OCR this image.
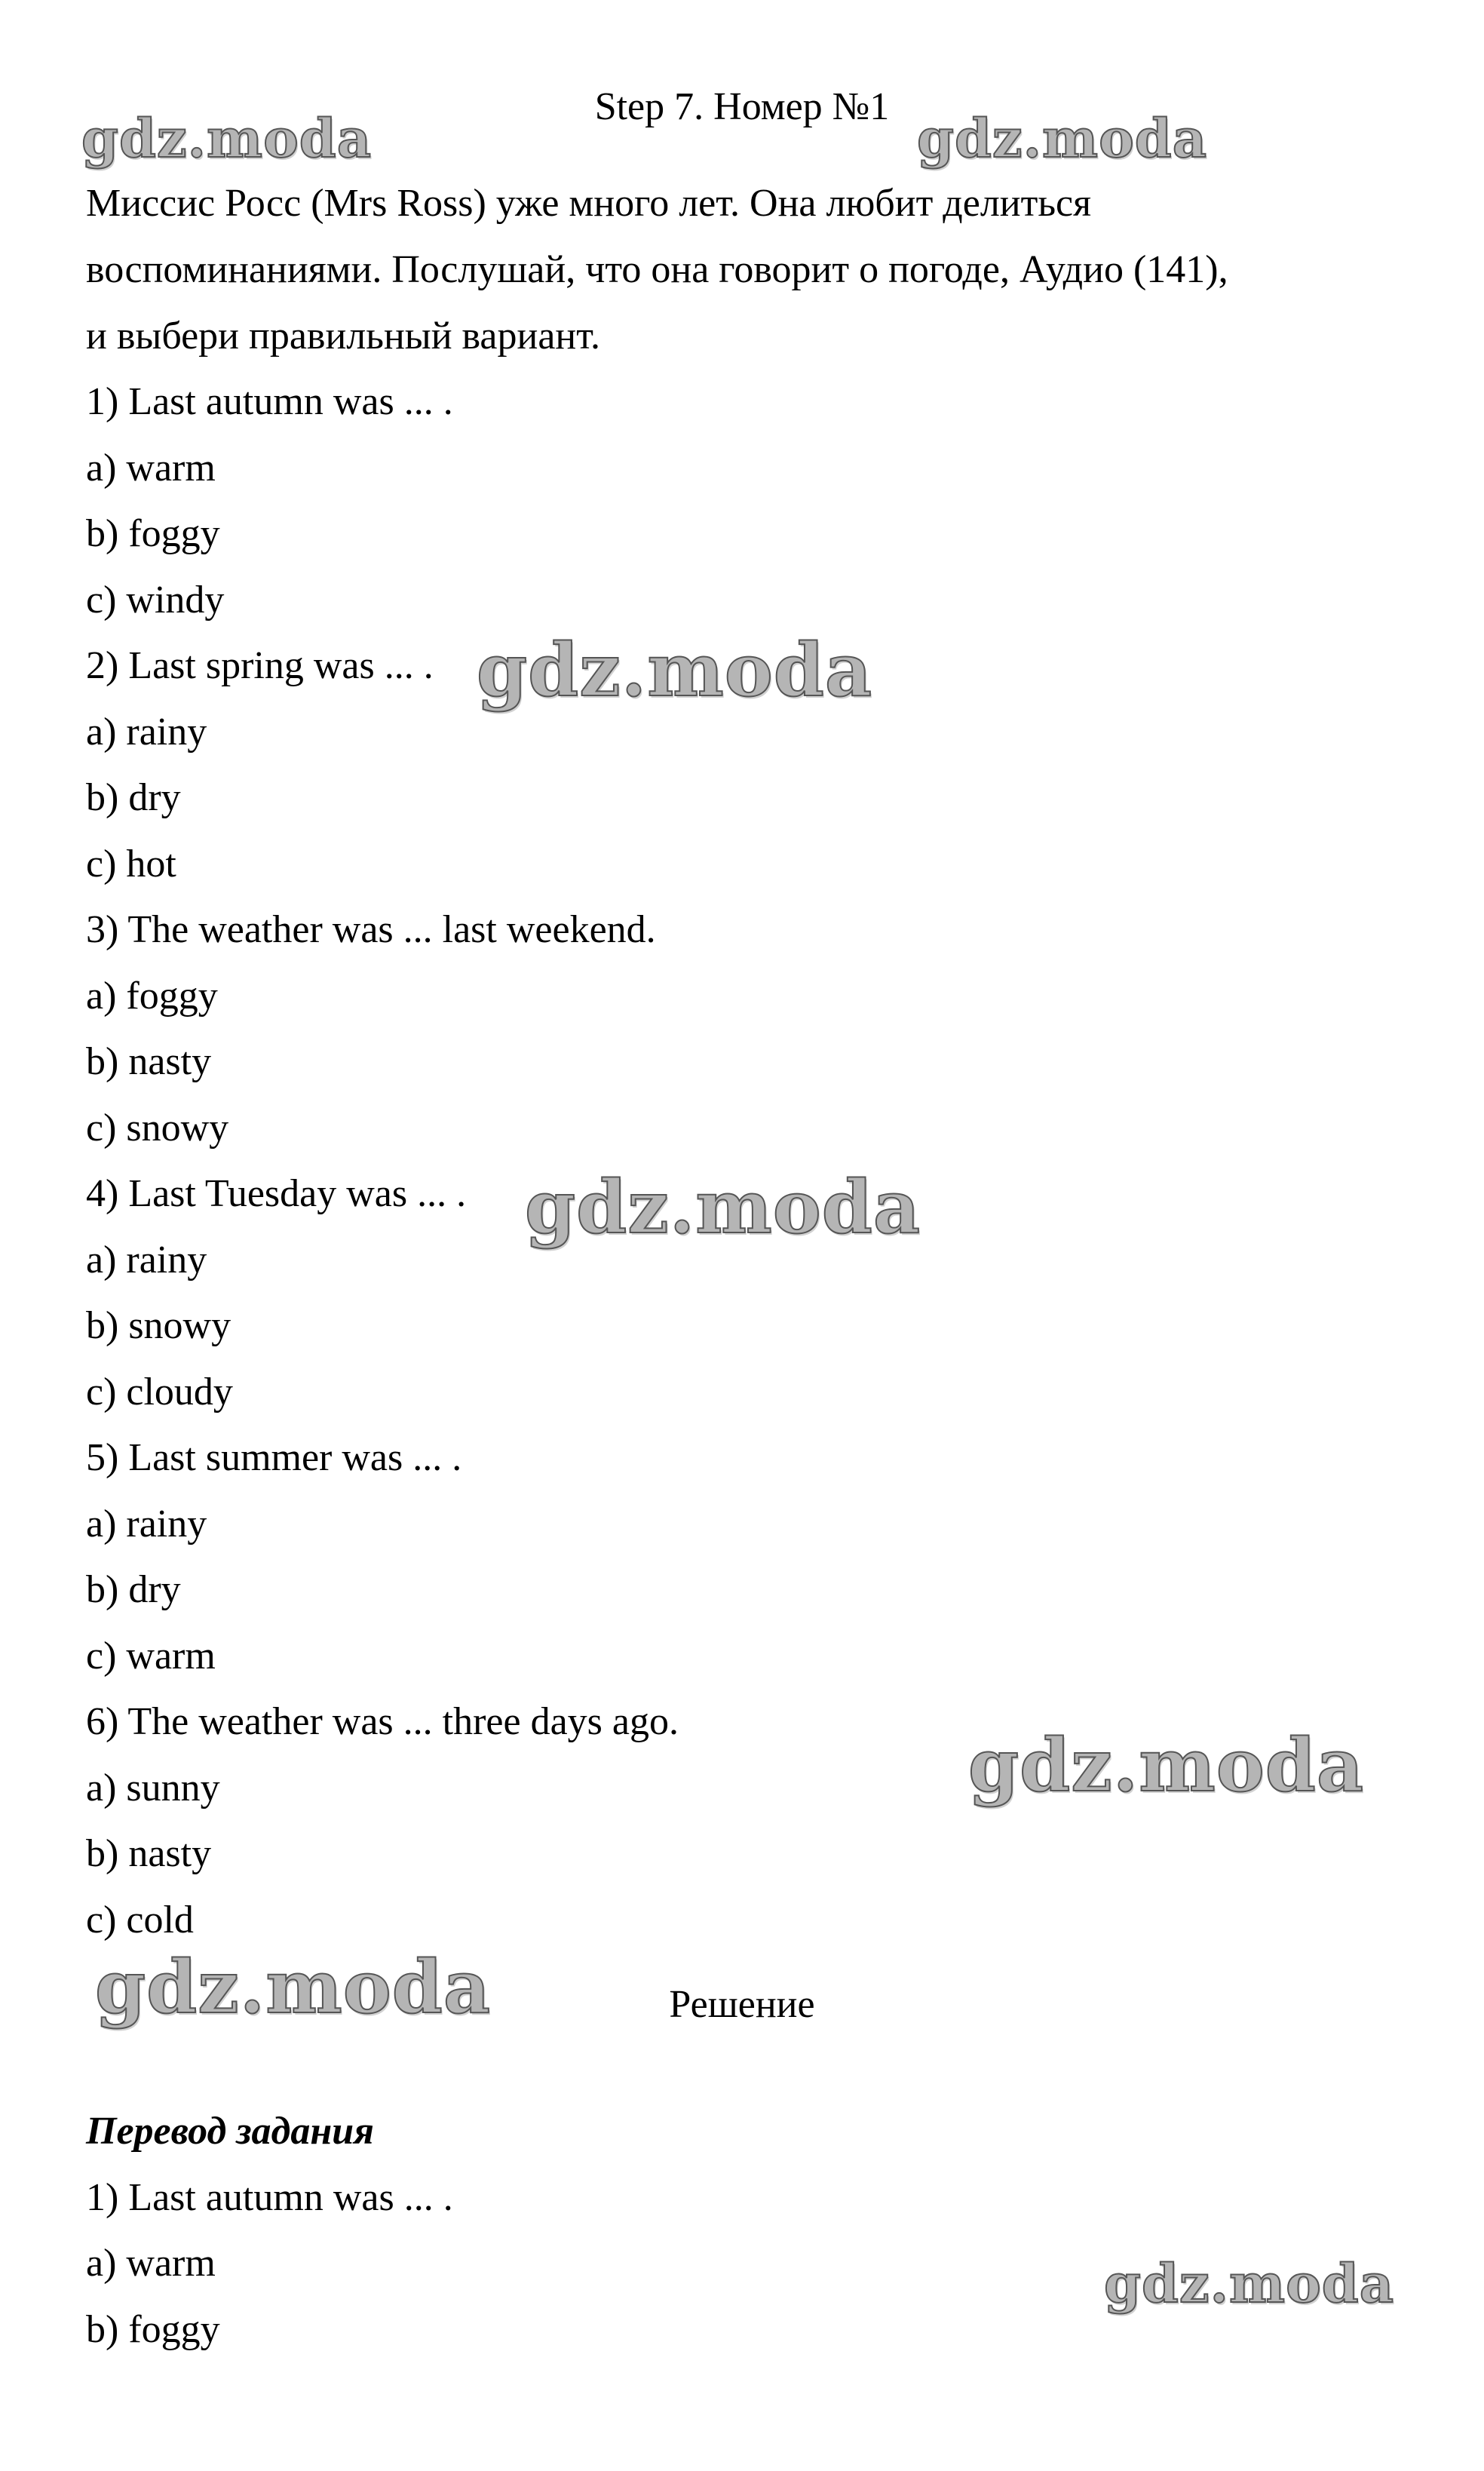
Step 7. Номер №1
Миссис Росс (Mrs Ross) уже много лет. Она любит делиться
воспоминаниями. Послушай, что она говорит о погоде, Аудио (141),
и выбери правильный вариант.
1) Last autumn was ... .
a) warm
b) foggy
c) windy
2) Last spring was ... .
a) rainy
b) dry
c) hot
3) The weather was ... last weekend.
a) foggy
b) nasty
c) snowy
4) Last Tuesday was ... .
a) rainy
b) snowy
c) cloudy
5) Last summer was ... .
a) rainy
b) dry
c) warm
6) The weather was ... three days ago.
a) sunny
b) nasty
c) cold
Решение
Перевод задания
1) Last autumn was ... .
a) warm
b) foggy
gdz.moda	gdz.moda
gdz.moda
gdz.moda
gdz.moda
gdz.moda
gdz.moda
